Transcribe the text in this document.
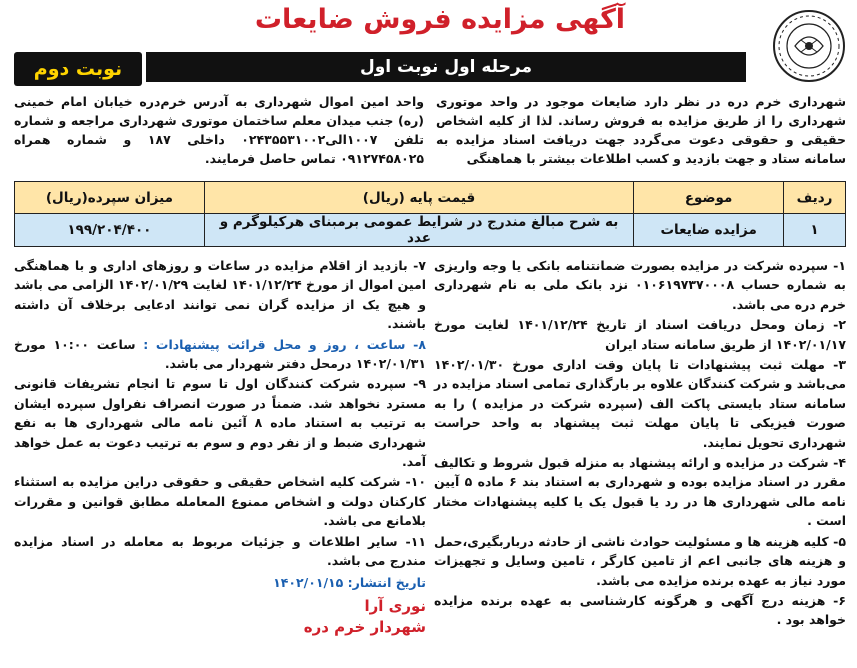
آگهی مزایده فروش ضایعات
مرحله اول نوبت اول
نوبت دوم
شهرداری خرم دره در نظر دارد ضایعات موجود در واحد موتوری شهرداری را از طریق مزایده به فروش رساند. لذا از کلیه اشخاص حقیقی و حقوقی دعوت می‌گردد جهت دریافت اسناد مزایده به سامانه ستاد و جهت بازدید و کسب اطلاعات بیشتر با هماهنگی
واحد امین اموال شهرداری به آدرس خرم‌دره خیابان امام خمینی (ره) جنب میدان معلم ساختمان موتوری شهرداری مراجعه و شماره تلفن ۱۰۰۷الی۰۲۴۳۵۵۳۱۰۰۲ داخلی ۱۸۷ و شماره همراه ۰۹۱۲۷۴۵۸۰۲۵ تماس حاصل فرمایند.
ردیف	موضوع	قیمت پایه (ریال)	میزان سپرده(ریال)
۱	مزایده ضایعات	به شرح مبالغ مندرج در شرایط عمومی برمبنای هرکیلوگرم و عدد	۱۹۹/۲۰۴/۴۰۰

۱- سپرده شرکت در مزایده بصورت ضمانتنامه بانکی یا وجه واریزی به شماره حساب ۰۱۰۶۱۹۷۳۷۰۰۰۸ نزد بانک ملی به نام شهرداری خرم دره می باشد.

۲- زمان ومحل دریافت اسناد از تاریخ ۱۴۰۱/۱۲/۲۴ لغایت مورخ ۱۴۰۲/۰۱/۱۷ از طریق سامانه ستاد ایران

۳- مهلت ثبت پیشنهادات تا پایان وقت اداری مورخ ۱۴۰۲/۰۱/۳۰ می‌باشد و شرکت کنندگان علاوه بر بارگذاری تمامی اسناد مزایده در سامانه ستاد بایستی پاکت الف (سپرده شرکت در مزایده ) را به صورت فیزیکی تا پایان مهلت ثبت پیشنهاد به واحد حراست شهرداری تحویل نمایند.

۴- شرکت در مزایده و ارائه پیشنهاد به منزله قبول شروط و تکالیف مقرر در اسناد مزایده بوده و شهرداری به استناد بند ۶ ماده ۵ آیین نامه مالی شهرداری ها در رد یا قبول یک یا کلیه پیشنهادات مختار است .

۵- کلیه هزینه ها و مسئولیت حوادث ناشی از حادثه درباربگیری،حمل و هزینه های جانبی اعم از تامین کارگر ، تامین وسایل و تجهیزات مورد نیاز به عهده برنده مزایده می باشد.

۶- هزینه درج آگهی و هرگونه کارشناسی به عهده برنده مزایده خواهد بود .

۷- بازدید از اقلام مزایده در ساعات و روزهای اداری و با هماهنگی امین اموال از مورخ ۱۴۰۱/۱۲/۲۴ لغایت ۱۴۰۲/۰۱/۲۹ الزامی می باشد و هیچ یک از مزایده گران نمی توانند ادعایی برخلاف آن داشته باشند.

۸- ساعت ، روز و محل قرائت پیشنهادات : ساعت ۱۰:۰۰ مورخ ۱۴۰۲/۰۱/۳۱ درمحل دفتر شهردار می باشد.

۹- سپرده شرکت کنندگان اول تا سوم تا انجام تشریفات قانونی مسترد نخواهد شد. ضمناً در صورت انصراف نفراول سپرده ایشان به ترتیب به استناد ماده ۸ آئین نامه مالی شهرداری ها به نفع شهرداری ضبط و از نفر دوم و سوم به ترتیب دعوت به عمل خواهد آمد.

۱۰- شرکت کلیه اشخاص حقیقی و حقوقی دراین مزایده به استثناء کارکنان دولت و اشخاص ممنوع المعامله مطابق قوانین و مقررات بلامانع می باشد.

۱۱- سایر اطلاعات و جزئیات مربوط به معامله در اسناد مزایده مندرج می باشد.

تاریخ انتشار: ۱۴۰۲/۰۱/۱۵
نوری آرا
شهردار خرم دره
